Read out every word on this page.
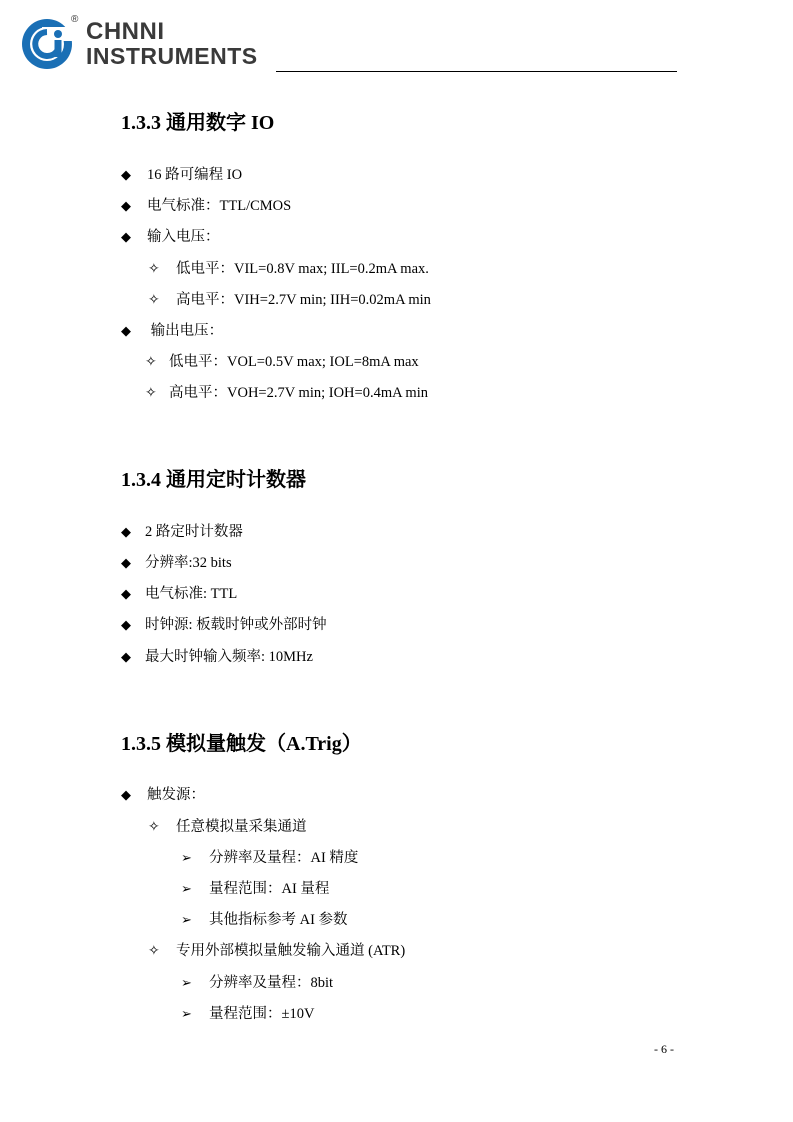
® CHNNI
INSTRUMENTS
1.3.3 通用数字 IO
◆ 16 路可编程 IO
◆ 电气标准：TTL/CMOS
◆ 输入电压：
✧ 低电平：VIL=0.8V max; IIL=0.2mA max.
✧ 高电平：VIH=2.7V min; IIH=0.02mA min
◆ 输出电压：
✧ 低电平：VOL=0.5V max; IOL=8mA max
✧ 高电平：VOH=2.7V min; IOH=0.4mA min
1.3.4 通用定时计数器
◆ 2 路定时计数器
◆ 分辨率:32 bits
◆ 电气标准: TTL
◆ 时钟源: 板载时钟或外部时钟
◆ 最大时钟输入频率: 10MHz
1.3.5 模拟量触发（A.Trig）
◆ 触发源：
✧ 任意模拟量采集通道
➢ 分辨率及量程：AI 精度
➢ 量程范围：AI 量程
➢ 其他指标参考 AI 参数
✧ 专用外部模拟量触发输入通道 (ATR)
➢ 分辨率及量程：8bit
➢ 量程范围：±10V
- 6 -
